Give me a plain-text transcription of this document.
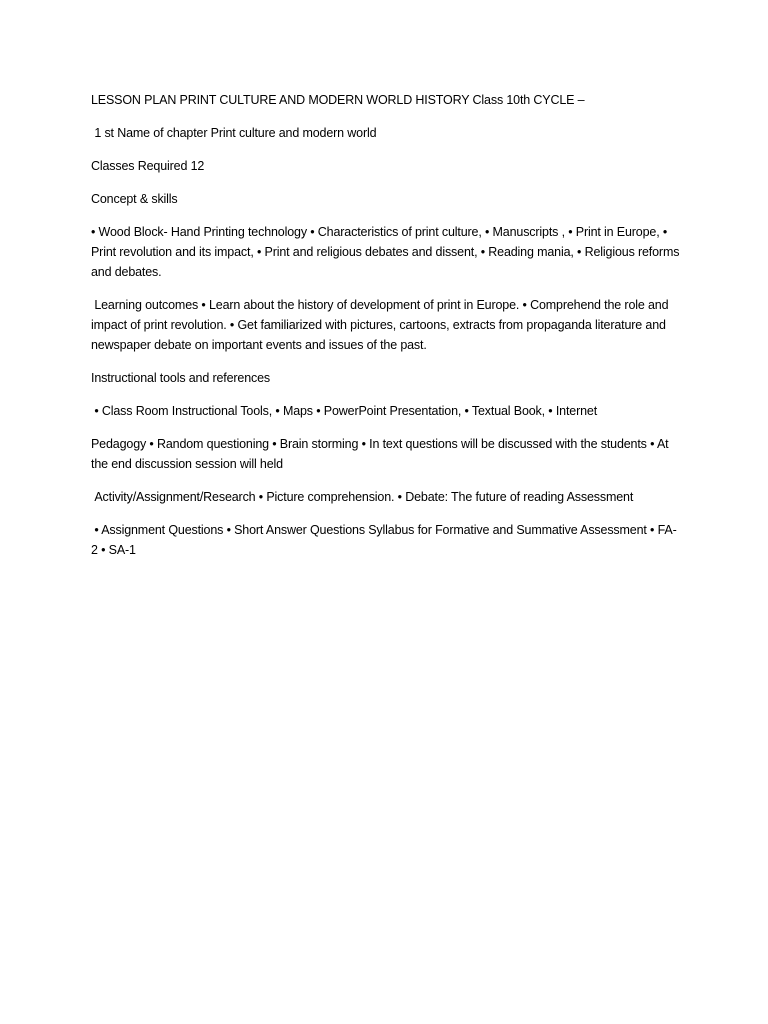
LESSON PLAN PRINT CULTURE AND MODERN WORLD HISTORY Class 10th CYCLE –

1 st Name of chapter Print culture and modern world

Classes Required 12

Concept & skills

• Wood Block- Hand Printing technology • Characteristics of print culture, • Manuscripts , • Print in Europe, • Print revolution and its impact, • Print and religious debates and dissent, • Reading mania, • Religious reforms and debates.

Learning outcomes • Learn about the history of development of print in Europe. • Comprehend the role and impact of print revolution. • Get familiarized with pictures, cartoons, extracts from propaganda literature and newspaper debate on important events and issues of the past.

Instructional tools and references

• Class Room Instructional Tools, • Maps • PowerPoint Presentation, • Textual Book, • Internet

Pedagogy • Random questioning • Brain storming • In text questions will be discussed with the students • At the end discussion session will held

Activity/Assignment/Research • Picture comprehension. • Debate: The future of reading Assessment

• Assignment Questions • Short Answer Questions Syllabus for Formative and Summative Assessment • FA-2 • SA-1
